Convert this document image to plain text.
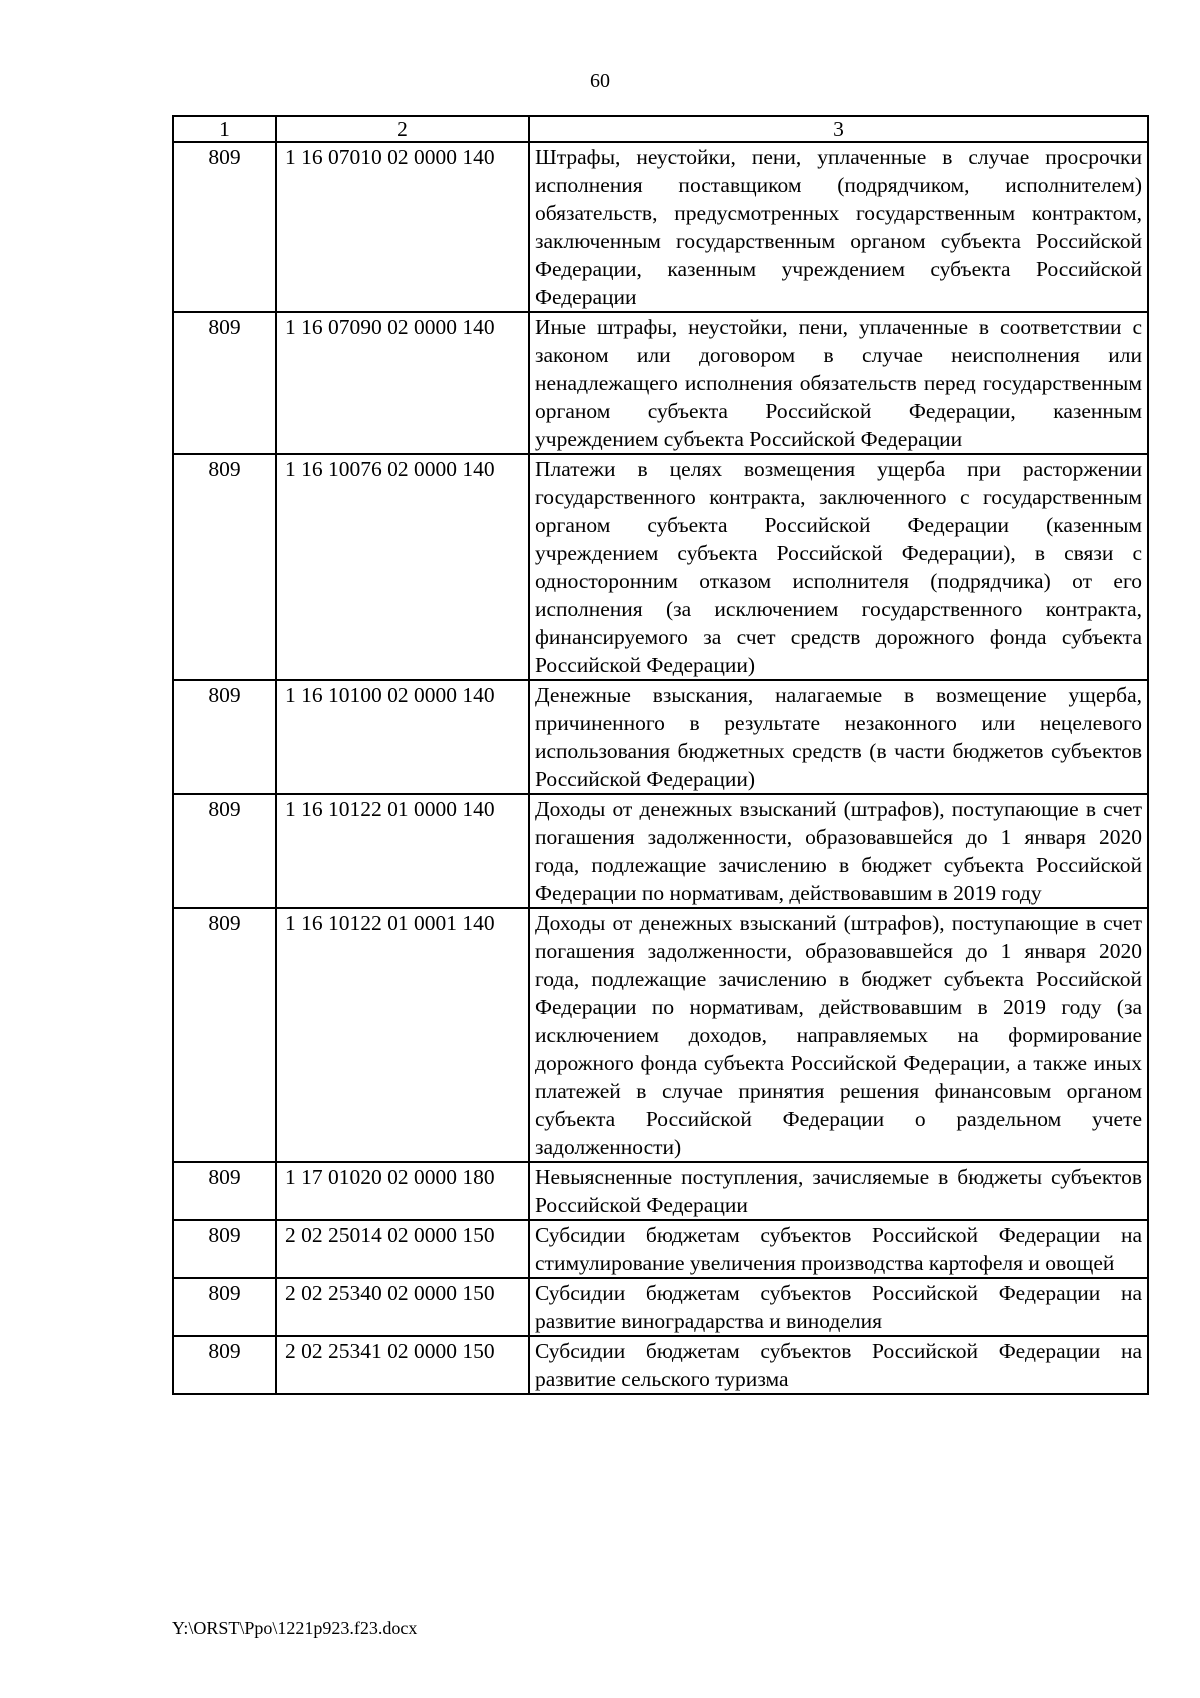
60
1	2	3
809	1 16 07010 02 0000 140	Штрафы, неустойки, пени, уплаченные в случае просрочки исполнения поставщиком (подрядчиком, исполнителем) обязательств, предусмотренных государственным контрактом, заключенным государственным органом субъекта Российской Федерации, казенным учреждением субъекта Российской Федерации
809	1 16 07090 02 0000 140	Иные штрафы, неустойки, пени, уплаченные в соответствии с законом или договором в случае неисполнения или ненадлежащего исполнения обязательств перед государственным органом субъекта Российской Федерации, казенным учреждением субъекта Российской Федерации
809	1 16 10076 02 0000 140	Платежи в целях возмещения ущерба при расторжении государственного контракта, заключенного с государственным органом субъекта Российской Федерации (казенным учреждением субъекта Российской Федерации), в связи с односторонним отказом исполнителя (подрядчика) от его исполнения (за исключением государственного контракта, финансируемого за счет средств дорожного фонда субъекта Российской Федерации)
809	1 16 10100 02 0000 140	Денежные взыскания, налагаемые в возмещение ущерба, причиненного в результате незаконного или нецелевого использования бюджетных средств (в части бюджетов субъектов Российской Федерации)
809	1 16 10122 01 0000 140	Доходы от денежных взысканий (штрафов), поступающие в счет погашения задолженности, образовавшейся до 1 января 2020 года, подлежащие зачислению в бюджет субъекта Российской Федерации по нормативам, действовавшим в 2019 году
809	1 16 10122 01 0001 140	Доходы от денежных взысканий (штрафов), поступающие в счет погашения задолженности, образовавшейся до 1 января 2020 года, подлежащие зачислению в бюджет субъекта Российской Федерации по нормативам, действовавшим в 2019 году (за исключением доходов, направляемых на формирование дорожного фонда субъекта Российской Федерации, а также иных платежей в случае принятия решения финансовым органом субъекта Российской Федерации о раздельном учете задолженности)
809	1 17 01020 02 0000 180	Невыясненные поступления, зачисляемые в бюджеты субъектов Российской Федерации
809	2 02 25014 02 0000 150	Субсидии бюджетам субъектов Российской Федерации на стимулирование увеличения производства картофеля и овощей
809	2 02 25340 02 0000 150	Субсидии бюджетам субъектов Российской Федерации на развитие виноградарства и виноделия
809	2 02 25341 02 0000 150	Субсидии бюджетам субъектов Российской Федерации на развитие сельского туризма
Y:\ORST\Ppo\1221p923.f23.docx
